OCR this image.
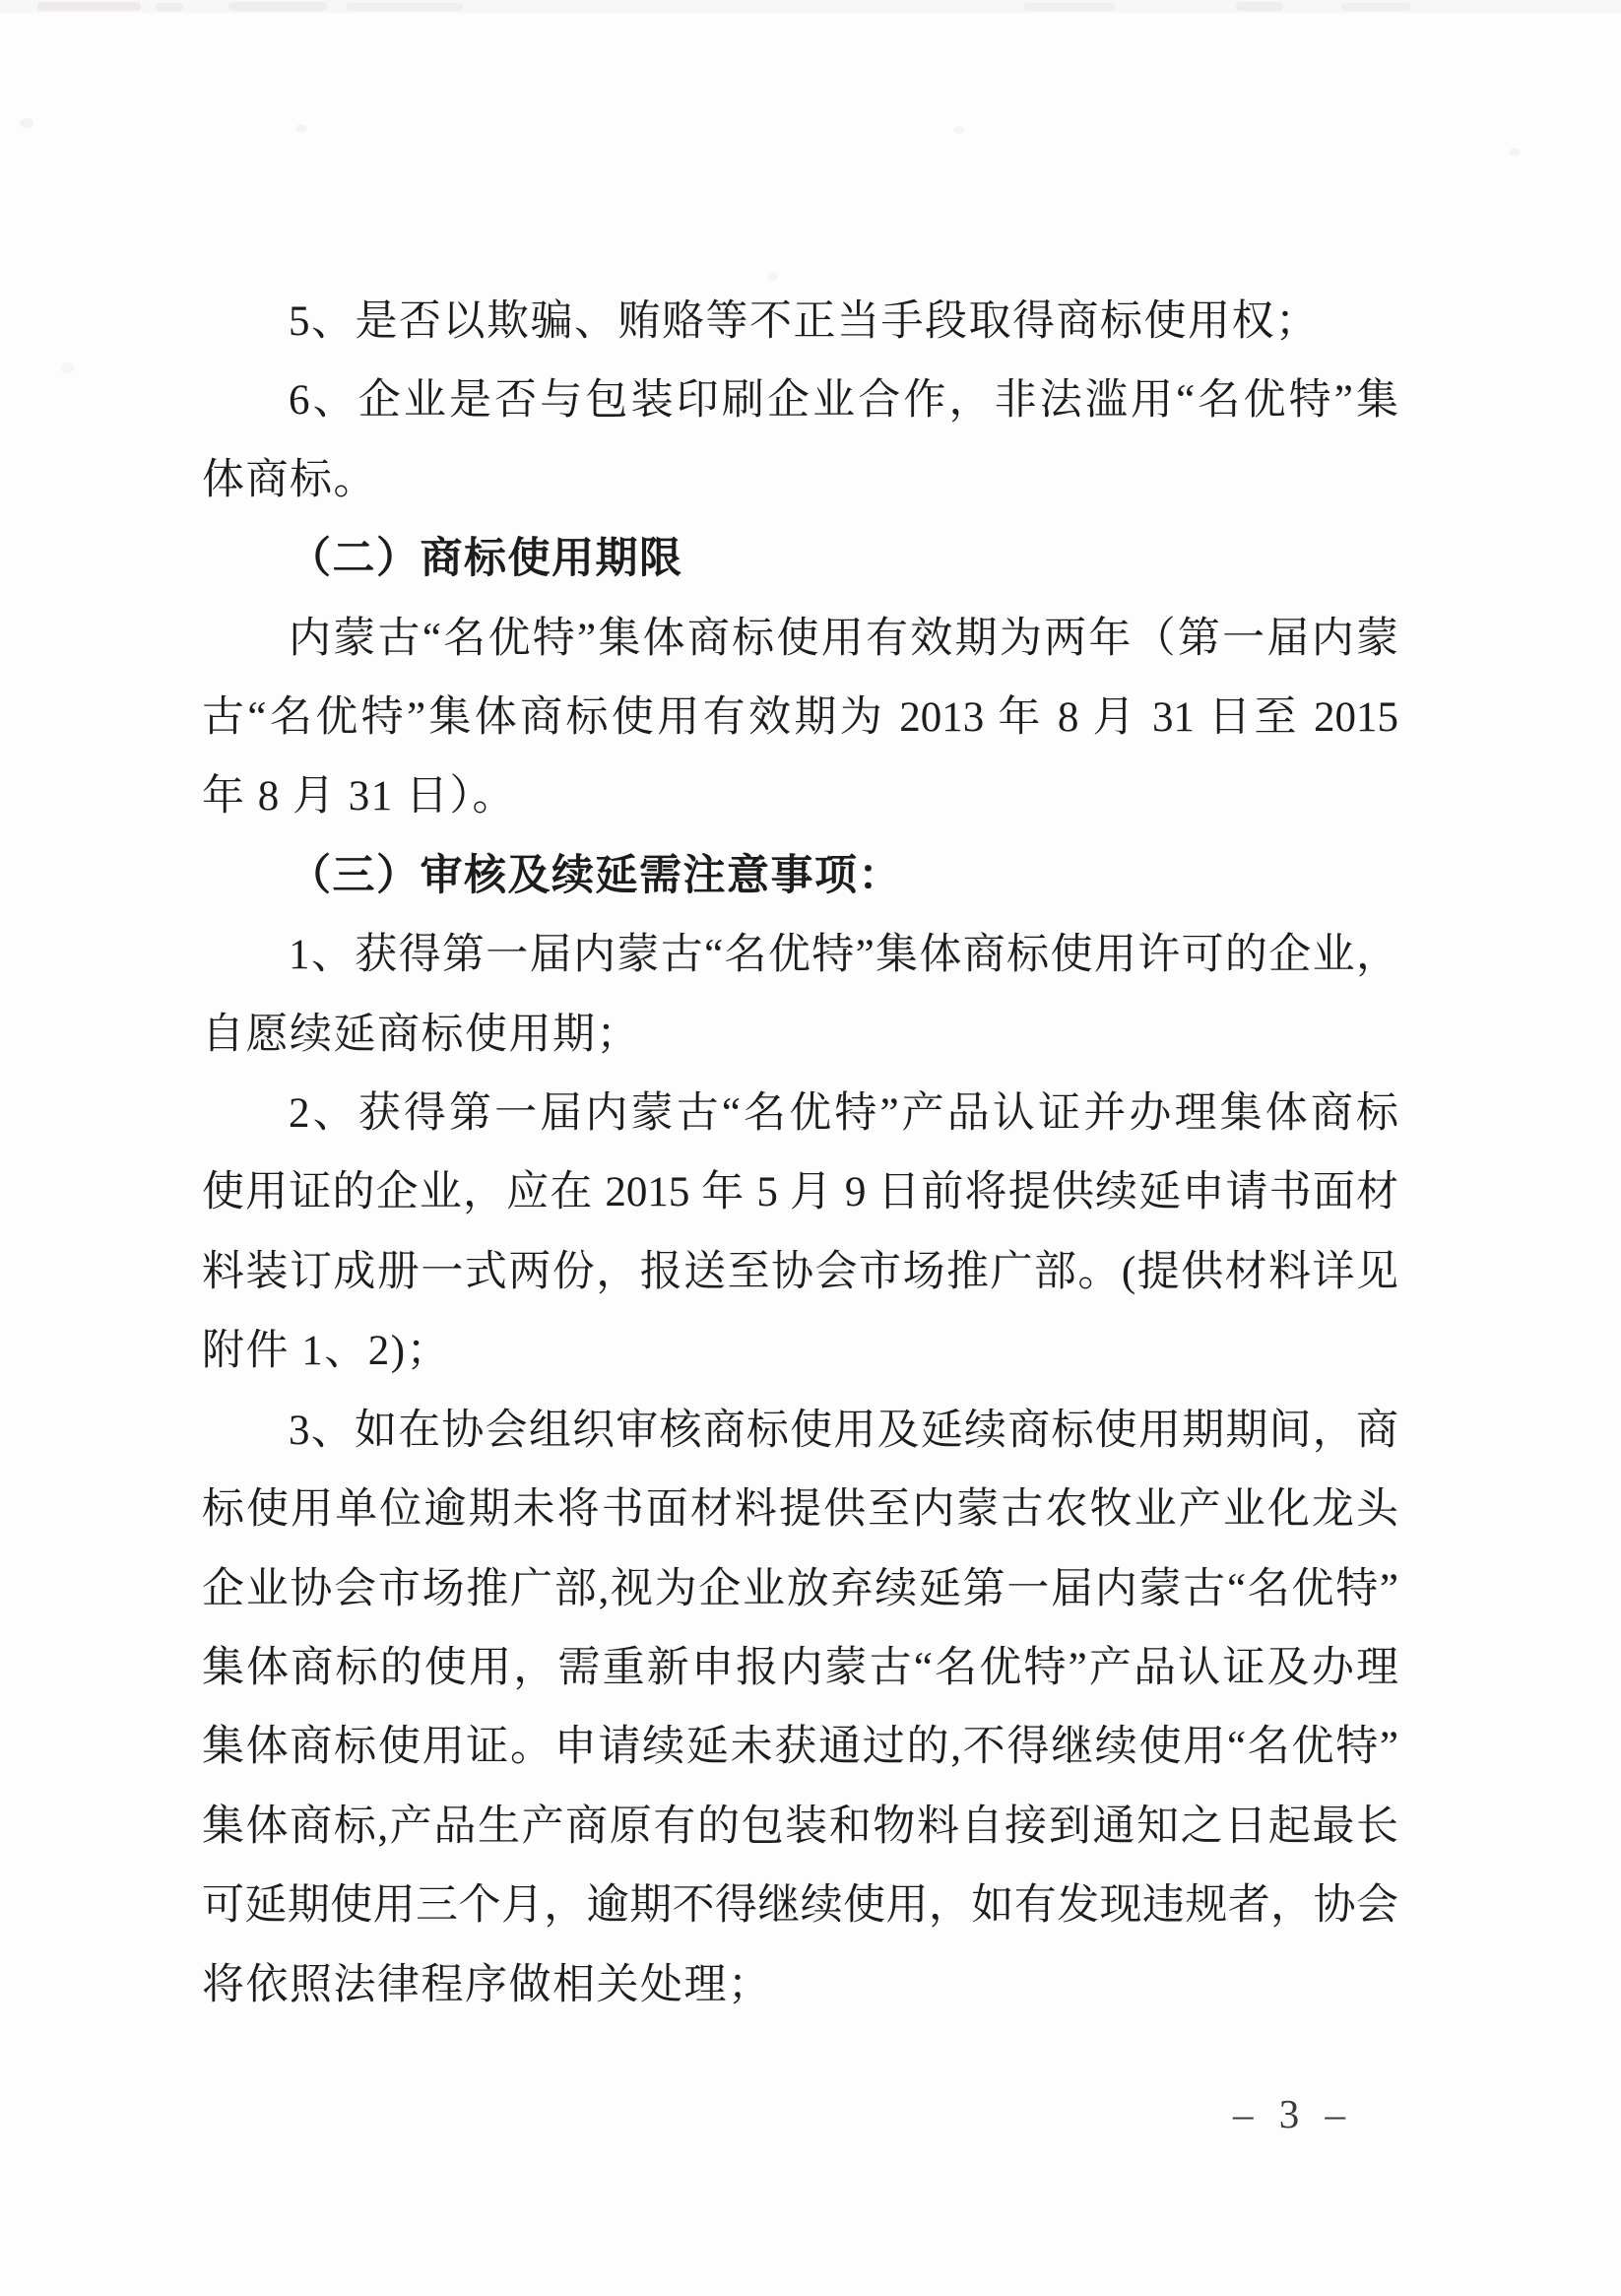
5、是否以欺骗、贿赂等不正当手段取得商标使用权；
6、企业是否与包装印刷企业合作，非法滥用“名优特”集
体商标。
（二）商标使用期限
内蒙古“名优特”集体商标使用有效期为两年（第一届内蒙
古“名优特”集体商标使用有效期为 2013 年 8 月 31 日至 2015
年 8 月 31 日）。
（三）审核及续延需注意事项：
1、获得第一届内蒙古“名优特”集体商标使用许可的企业，
自愿续延商标使用期；
2、获得第一届内蒙古“名优特”产品认证并办理集体商标
使用证的企业，应在 2015 年 5 月 9 日前将提供续延申请书面材
料装订成册一式两份，报送至协会市场推广部。(提供材料详见
附件 1、2)；
3、如在协会组织审核商标使用及延续商标使用期期间，商
标使用单位逾期未将书面材料提供至内蒙古农牧业产业化龙头
企业协会市场推广部,视为企业放弃续延第一届内蒙古“名优特”
集体商标的使用，需重新申报内蒙古“名优特”产品认证及办理
集体商标使用证。申请续延未获通过的,不得继续使用“名优特”
集体商标,产品生产商原有的包装和物料自接到通知之日起最长
可延期使用三个月，逾期不得继续使用，如有发现违规者，协会
将依照法律程序做相关处理；
– 3 –
